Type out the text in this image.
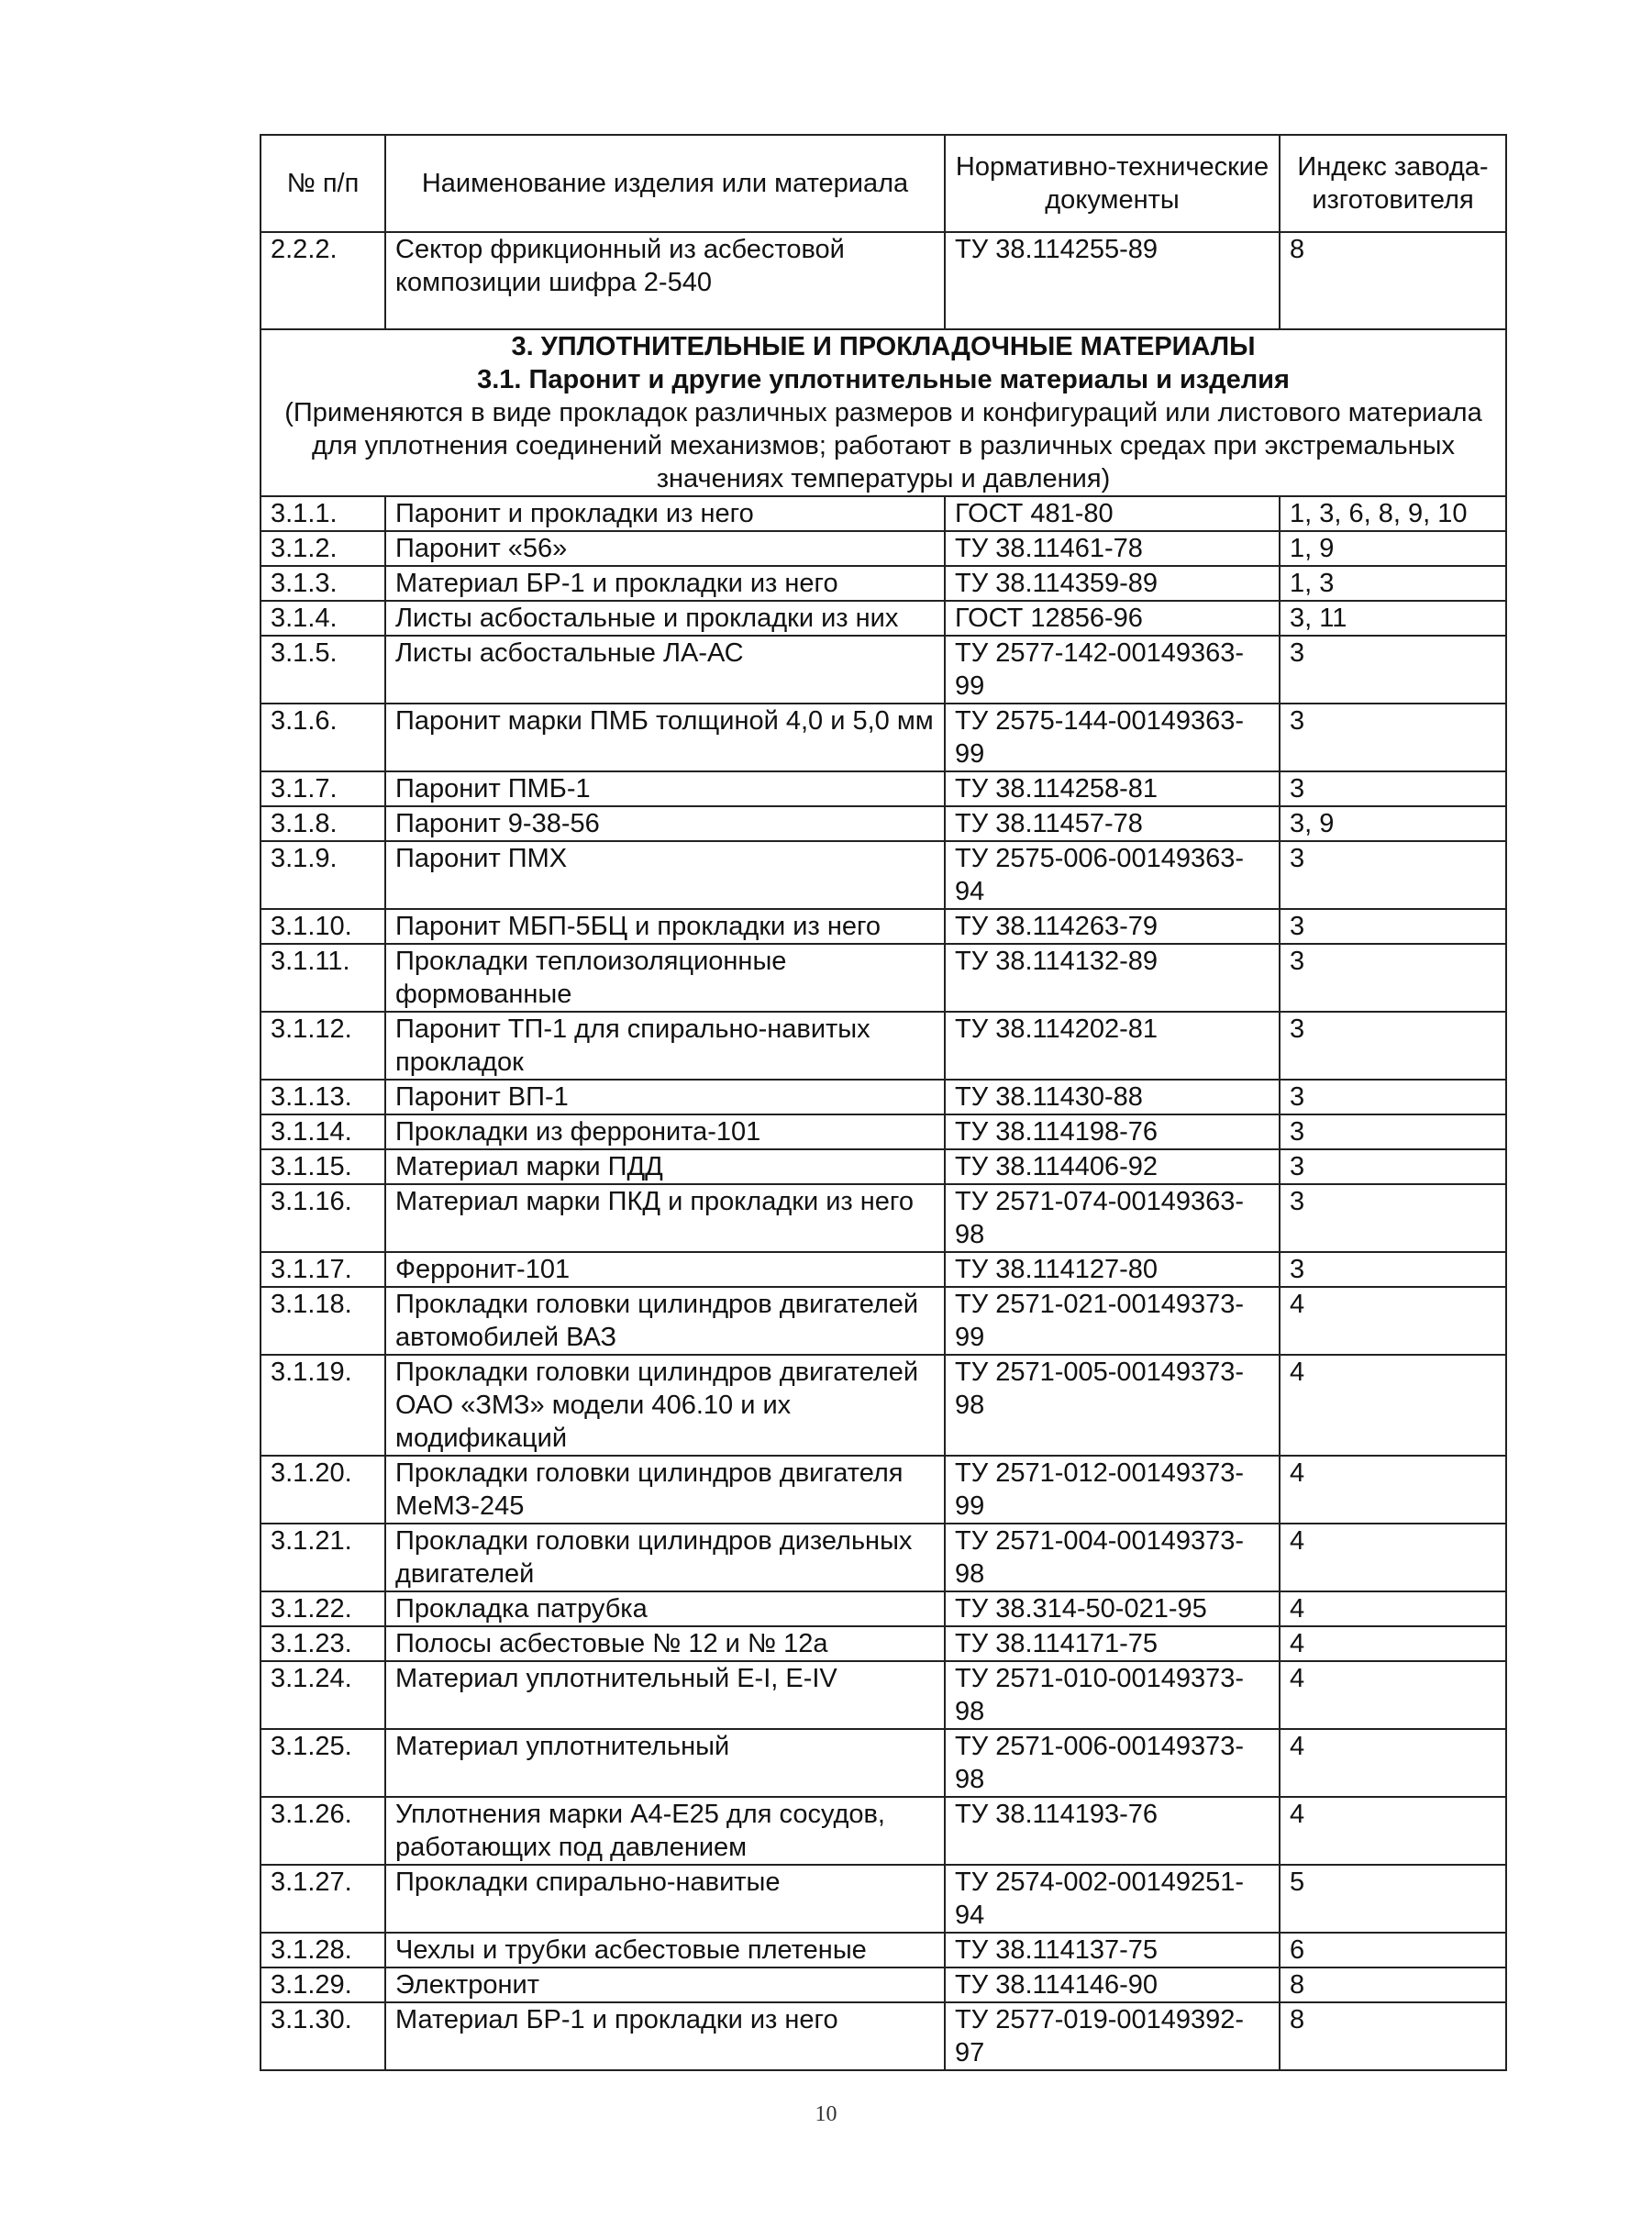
№ п/п	Наименование изделия или материала	Нормативно-технические документы	Индекс завода-изготовителя
2.2.2.	Сектор фрикционный из асбестовой композиции шифра 2-540	ТУ 38.114255-89	8

3. УПЛОТНИТЕЛЬНЫЕ И ПРОКЛАДОЧНЫЕ МАТЕРИАЛЫ
3.1. Паронит и другие уплотнительные материалы и изделия
(Применяются в виде прокладок различных размеров и конфигураций или листового материала для уплотнения соединений механизмов; работают в различных средах при экстремальных значениях температуры и давления)			

3.1.1.	Паронит и прокладки из него	ГОСТ 481-80	1, 3, 6, 8, 9, 10
3.1.2.	Паронит «56»	ТУ 38.11461-78	1, 9
3.1.3.	Материал БР-1 и прокладки из него	ТУ 38.114359-89	1, 3
3.1.4.	Листы асбостальные и прокладки из них	ГОСТ 12856-96	3, 11
3.1.5.	Листы асбостальные ЛА-АС	ТУ 2577-142-00149363-99	3
3.1.6.	Паронит марки ПМБ толщиной 4,0 и 5,0 мм	ТУ 2575-144-00149363-99	3
3.1.7.	Паронит ПМБ-1	ТУ 38.114258-81	3
3.1.8.	Паронит 9-38-56	ТУ 38.11457-78	3, 9
3.1.9.	Паронит ПМХ	ТУ 2575-006-00149363-94	3
3.1.10.	Паронит МБП-5БЦ и прокладки из него	ТУ 38.114263-79	3
3.1.11.	Прокладки теплоизоляционные формованные	ТУ 38.114132-89	3
3.1.12.	Паронит ТП-1 для спирально-навитых прокладок	ТУ 38.114202-81	3
3.1.13.	Паронит ВП-1	ТУ 38.11430-88	3
3.1.14.	Прокладки из ферронита-101	ТУ 38.114198-76	3
3.1.15.	Материал марки ПДД	ТУ 38.114406-92	3
3.1.16.	Материал марки ПКД и прокладки из него	ТУ 2571-074-00149363-98	3
3.1.17.	Ферронит-101	ТУ 38.114127-80	3
3.1.18.	Прокладки головки цилиндров двигателей автомобилей ВАЗ	ТУ 2571-021-00149373-99	4
3.1.19.	Прокладки головки цилиндров двигателей ОАО «ЗМЗ» модели 406.10 и их модификаций	ТУ 2571-005-00149373-98	4
3.1.20.	Прокладки головки цилиндров двигателя МеМЗ-245	ТУ 2571-012-00149373-99	4
3.1.21.	Прокладки головки цилиндров дизельных двигателей	ТУ 2571-004-00149373-98	4
3.1.22.	Прокладка патрубка	ТУ 38.314-50-021-95	4
3.1.23.	Полосы асбестовые № 12 и № 12а	ТУ 38.114171-75	4
3.1.24.	Материал уплотнительный Е-I, E-IV	ТУ 2571-010-00149373-98	4
3.1.25.	Материал уплотнительный	ТУ 2571-006-00149373-98	4
3.1.26.	Уплотнения марки А4-Е25 для сосудов, работающих под давлением	ТУ 38.114193-76	4
3.1.27.	Прокладки спирально-навитые	ТУ 2574-002-00149251-94	5
3.1.28.	Чехлы и трубки асбестовые плетеные	ТУ 38.114137-75	6
3.1.29.	Электронит	ТУ 38.114146-90	8
3.1.30.	Материал БР-1 и прокладки из него	ТУ 2577-019-00149392-97	8
10
